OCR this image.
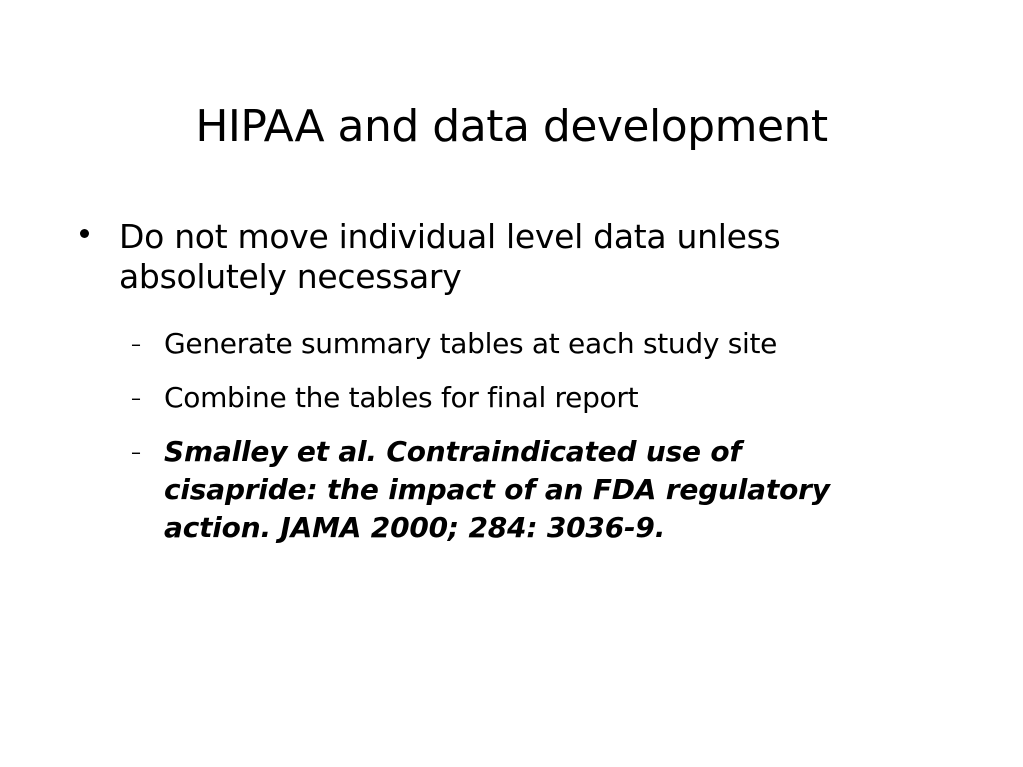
HIPAA and data development
Do not move individual level data unless absolutely necessary
– Generate summary tables at each study site
– Combine the tables for final report
– Smalley et al. Contraindicated use of cisapride: the impact of an FDA regulatory action. JAMA 2000; 284: 3036-9.
